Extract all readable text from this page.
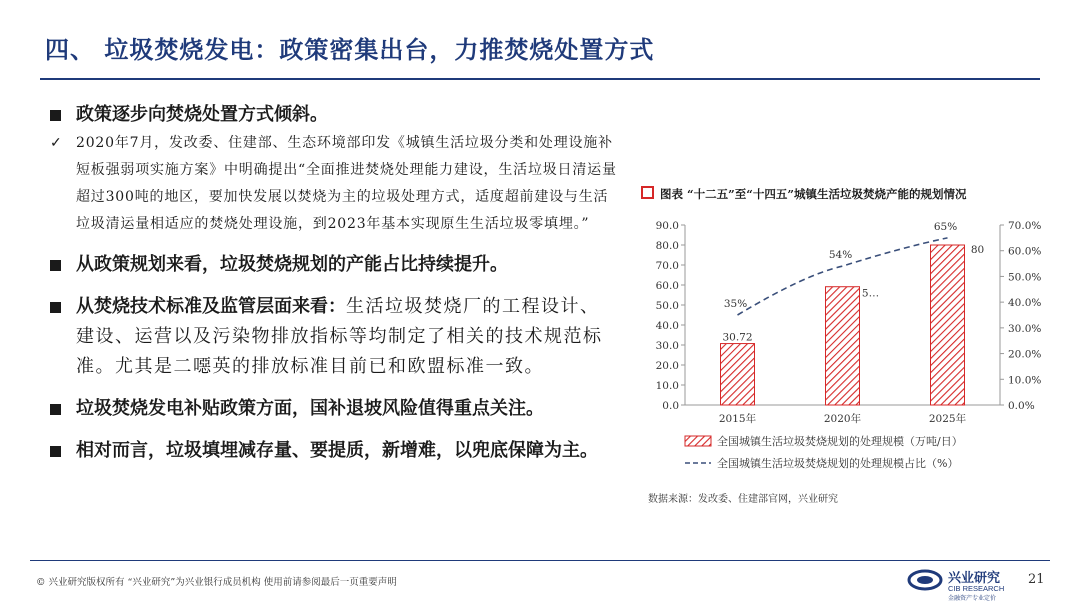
四、 垃圾焚烧发电：政策密集出台，力推焚烧处置方式
政策逐步向焚烧处置方式倾斜。
✓ 2020年7月，发改委、住建部、生态环境部印发《城镇生活垃圾分类和处理设施补短板强弱项实施方案》中明确提出“全面推进焚烧处理能力建设，生活垃圾日清运量超过300吨的地区，要加快发展以焚烧为主的垃圾处理方式，适度超前建设与生活垃圾清运量相适应的焚烧处理设施，到2023年基本实现原生生活垃圾零填埋。”
从政策规划来看，垃圾焚烧规划的产能占比持续提升。
从焚烧技术标准及监管层面来看：生活垃圾焚烧厂的工程设计、建设、运营以及污染物排放指标等均制定了相关的技术规范标准。尤其是二噁英的排放标准目前已和欧盟标准一致。
垃圾焚烧发电补贴政策方面，国补退坡风险值得重点关注。
相对而言，垃圾填埋减存量、要提质，新增难，以兜底保障为主。
图表 “十二五”至“十四五”城镇生活垃圾焚烧产能的规划情况
0.0
10.0
20.0
30.0
40.0
50.0
60.0
70.0
80.0
90.0
0.0%
10.0%
20.0%
30.0%
40.0%
50.0%
60.0%
70.0%
2015年	2020年	2025年
30.72
5…
80
35%
54%
65%
全国城镇生活垃圾焚烧规划的处理规模（万吨/日）
全国城镇生活垃圾焚烧规划的处理规模占比（%）
数据来源：发改委、住建部官网，兴业研究
© 兴业研究版权所有 “兴业研究”为兴业银行成员机构 使用前请参阅最后一页重要声明	兴业研究
CIB RESEARCH
金融资产专业定价
21
